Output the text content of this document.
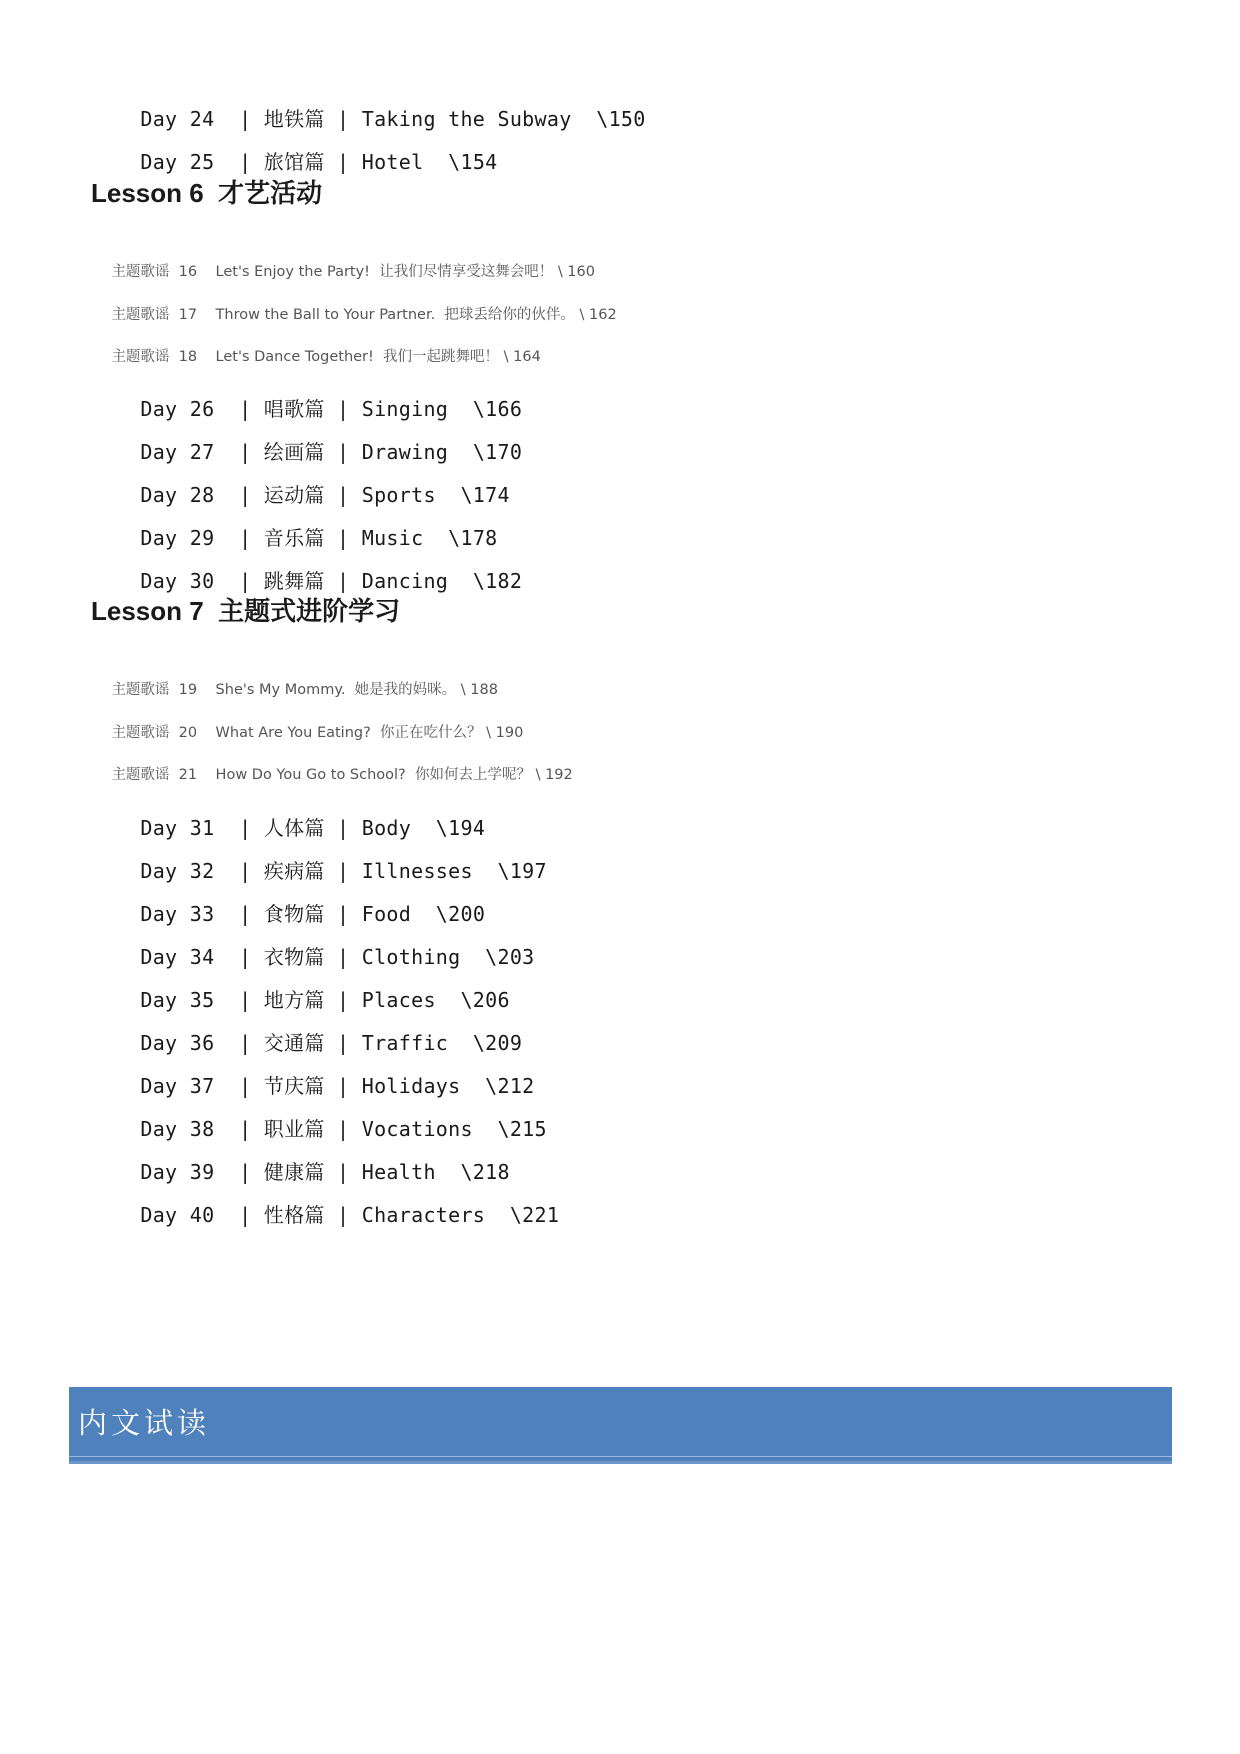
Day 24  | 地铁篇 | Taking the Subway \150

Day 25  | 旅馆篇 | Hotel \154

Lesson 6  才艺活动

主题歌谣  16 Let's Enjoy the Party!  让我们尽情享受这舞会吧！ \ 160

主题歌谣  17 Throw the Ball to Your Partner.  把球丢给你的伙伴。 \ 162

主题歌谣  18 Let's Dance Together!  我们一起跳舞吧！ \ 164

Day 26  | 唱歌篇 | Singing \166

Day 27  | 绘画篇 | Drawing \170

Day 28  | 运动篇 | Sports \174

Day 29  | 音乐篇 | Music \178

Day 30  | 跳舞篇 | Dancing \182

Lesson 7  主题式进阶学习

主题歌谣  19 She's My Mommy.  她是我的妈咪。 \ 188

主题歌谣  20 What Are You Eating?  你正在吃什么？ \ 190

主题歌谣  21 How Do You Go to School?  你如何去上学呢？ \ 192

Day 31  | 人体篇 | Body \194

Day 32  | 疾病篇 | Illnesses \197

Day 33  | 食物篇 | Food \200

Day 34  | 衣物篇 | Clothing \203

Day 35  | 地方篇 | Places \206

Day 36  | 交通篇 | Traffic \209

Day 37  | 节庆篇 | Holidays \212

Day 38  | 职业篇 | Vocations \215

Day 39  | 健康篇 | Health \218

Day 40  | 性格篇 | Characters \221

内文试读
